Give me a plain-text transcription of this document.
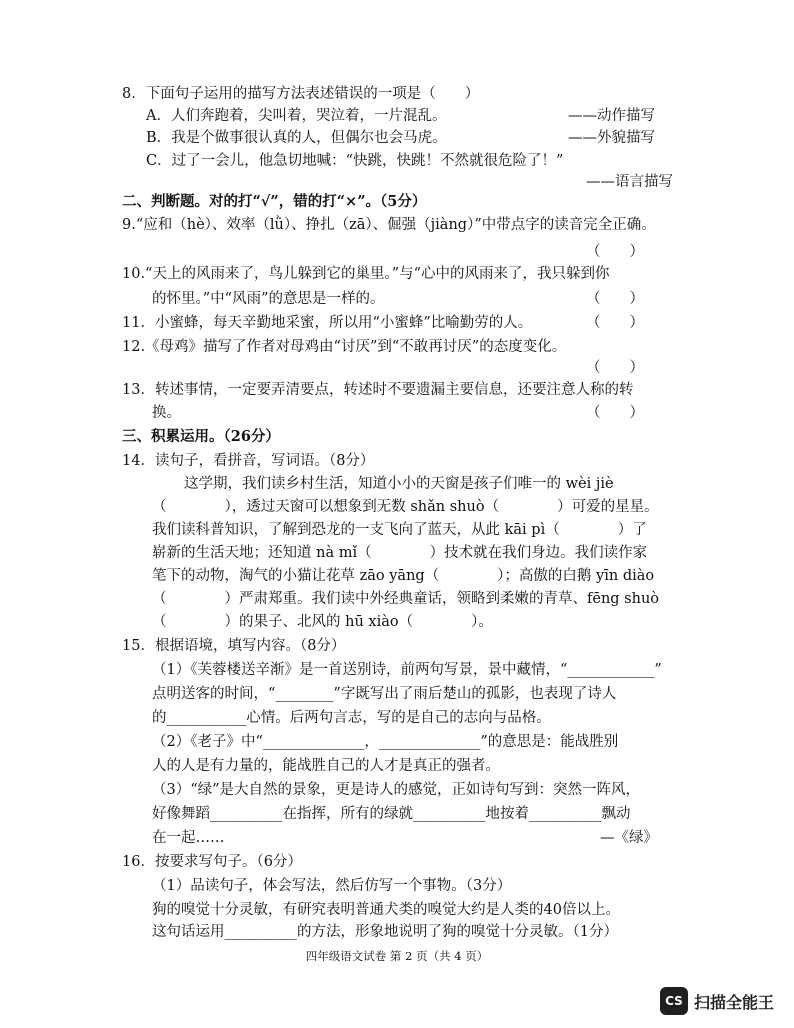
8．下面句子运用的描写方法表述错误的一项是（　　）
A．人们奔跑着，尖叫着，哭泣着，一片混乱。	——动作描写
B．我是个做事很认真的人，但偶尔也会马虎。	——外貌描写
C．过了一会儿，他急切地喊：“快跳，快跳！不然就很危险了！”
——语言描写
二、判断题。对的打“√”，错的打“×”。（5分）
9.“应和（hè）、效率（lǜ）、挣扎（zā）、倔强（jiàng）”中带点字的读音完全正确。
（　　）
10.“天上的风雨来了，鸟儿躲到它的巢里。”与“心中的风雨来了，我只躲到你
的怀里。”中“风雨”的意思是一样的。	（　　）
11．小蜜蜂，每天辛勤地采蜜，所以用“小蜜蜂”比喻勤劳的人。	（　　）
12.《母鸡》描写了作者对母鸡由“讨厌”到“不敢再讨厌”的态度变化。
（　　）
13．转述事情，一定要弄清要点，转述时不要遗漏主要信息，还要注意人称的转
换。	（　　）
三、积累运用。（26分）
14．读句子，看拼音，写词语。（8分）
这学期，我们读乡村生活，知道小小的天窗是孩子们唯一的 wèi jiè
（　　　　），透过天窗可以想象到无数 shǎn shuò（　　　　）可爱的星星。
我们读科普知识，了解到恐龙的一支飞向了蓝天，从此 kāi pì（　　　　）了
崭新的生活天地；还知道 nà mǐ（　　　　）技术就在我们身边。我们读作家
笔下的动物，淘气的小猫让花草 zāo yāng（　　　　）；高傲的白鹅 yīn diào
（　　　　）严肃郑重。我们读中外经典童话，领略到柔嫩的青草、fēng shuò
（　　　　）的果子、北风的 hū xiào（　　　　）。
15．根据语境，填写内容。（8分）
（1）《芙蓉楼送辛渐》是一首送别诗，前两句写景，景中藏情，“____________”
点明送客的时间，“________”字既写出了雨后楚山的孤影，也表现了诗人
的___________心情。后两句言志，写的是自己的志向与品格。
（2）《老子》中“______________，______________”的意思是：能战胜别
人的人是有力量的，能战胜自己的人才是真正的强者。
（3）“绿”是大自然的景象，更是诗人的感觉，正如诗句写到：突然一阵风，
好像舞蹈__________在指挥，所有的绿就__________地按着__________飘动
在一起……	—《绿》
16．按要求写句子。（6分）
（1）品读句子，体会写法，然后仿写一个事物。（3分）
狗的嗅觉十分灵敏，有研究表明普通犬类的嗅觉大约是人类的40倍以上。
这句话运用__________的方法，形象地说明了狗的嗅觉十分灵敏。（1分）
四年级语文试卷 第 2 页（共 4 页）
CS 扫描全能王
